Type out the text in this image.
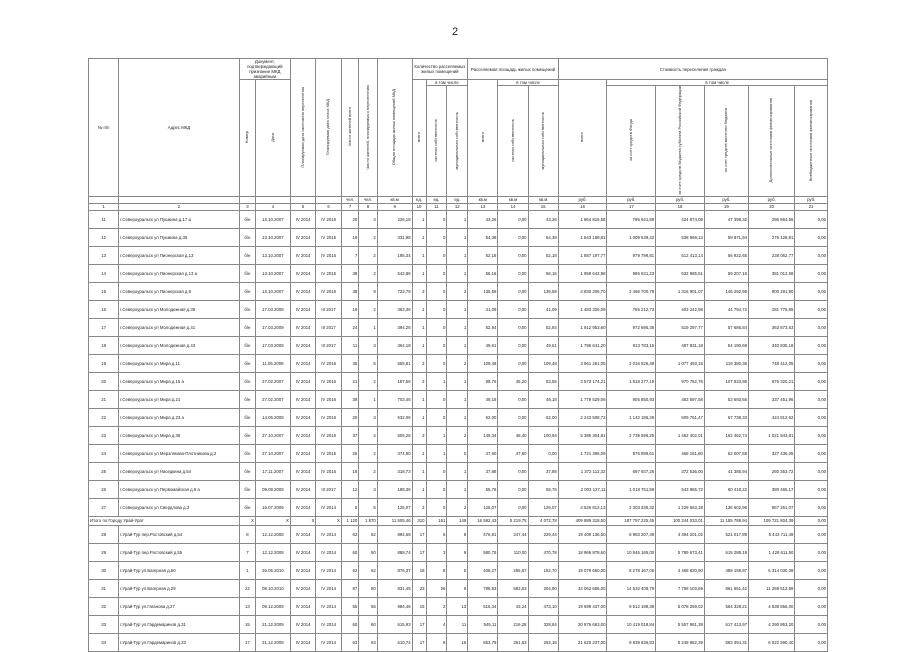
2
№ п/п	Адрес МКД	Документ, подтверждающий признание МКД аварийным		Планируемая дата окончания переселения	Планируемая дата сноса МКД	Число жителей всего	Число жителей, планируемых к переселению	Общая площадь жилых помещений МКД	Количество расселяемых жилых помещений			Расселяемая площадь жилых помещений			Стоимость переселения граждан					
		Номер	Дата						всего	в том числе		всего	в том числе		всего	в том числе				
										частная собственность	муниципальная собственность		частная собственность	муниципальная собственность		за счет средств Фонда	за счет средств бюджета субъекта Российской Федерации	за счет средств местного бюджета	Дополнительные источники финансирования	Внебюджетные источники финансирования
						чел.	чел.	кв.м	ед.	ед.	ед.	кв.м	кв.м	кв.м	руб.	руб.	руб.	руб.	руб.	руб.
1	2	3	4	5	6	7	8	9	10	11	12	13	14	15	16	17	18	19	20	21
11	г.Североуральск ул Пушкина д.17 а	б/н	13.10.2007	IV 2014	IV 2015	20	3	226,18	1	0	1	43,26	0,00	43,26	1 864 816,58	795 641,89	424 874,09	47 398,32	296 864,56	0,00
12	г.Североуральск ул Пушкина д.35	б/н	13.10.2007	IV 2014	IV 2015	19	2	331,98	1	0	1	54,38	0,00	54,38	1 843 198,81	1 009 539,42	538 969,13	59 871,94	276 128,81	0,00
13	г.Североуральск ул Пионерская д.13	б/н	13.10.2007	IV 2014	IV 2015	7	2	195,34	1	0	1	52,18	0,00	52,18	1 887 197,77	979 799,81	512 413,14	56 922,65	238 062,77	0,00
14	г.Североуральск ул Пионерская д.13 а	б/н	13.10.2007	IV 2014	IV 2015	38	2	542,86	1	0	1	56,16	0,00	56,16	1 959 642,98	986 631,23	532 985,51	59 207,16	381 012,58	0,00
15	г.Североуральск ул Пионерская д.8	б/н	13.10.2007	IV 2014	IV 2015	38	9	723,79	3	0	3	135,59	0,00	135,59	4 830 206,70	2 466 700,78	1 316 901,07	146 292,95	900 281,90	0,00
16	г.Североуральск ул Молодежная д.39	б/н	17.03.2009	IV 2014	III 2017	19	2	363,36	1	0	1	41,09	0,00	41,09	1 483 326,09	755 212,73	403 242,98	44 794,72	281 775,65	0,00
17	г.Североуральск ул Молодежная д.41	б/н	17.03.2009	IV 2014	III 2017	24	1	394,26	1	0	1	52,84	0,00	52,84	1 912 953,60	972 695,36	519 297,77	57 686,84	363 873,63	0,00
18	г.Североуральск ул Молодежная д.43	б/н	17.03.2009	IV 2014	III 2017	11	3	364,18	1	0	1	49,61	0,00	49,61	1 796 641,20	913 783,15	487 831,18	54 190,69	340 835,18	0,00
19	г.Североуральск ул Мира д.11	б/н	11.05.2008	IV 2014	IV 2016	35	6	555,81	2	0	2	109,48	0,00	109,48	3 961 261,05	2 016 526,48	1 077 493,15	119 380,36	748 412,05	0,00
20	г.Североуральск ул Мира д.15 а	б/н	27.02.2007	IV 2014	IV 2016	21	2	187,56	2	1	1	98,76	45,20	53,56	3 573 174,21	1 818 277,19	970 752,76	107 833,95	676 320,21	0,00
21	г.Североуральск ул Мира д.21	б/н	27.02.2007	IV 2014	IV 2016	39	1	703,46	1	0	1	49,18	0,00	49,18	1 779 529,06	905 850,93	483 597,58	53 693,56	337 451,96	0,00
22	г.Североуральск ул Мира д.23 а	б/н	14.05.2008	IV 2014	IV 2016	20	3	632,06	1	0	1	62,00	0,00	62,00	2 243 508,72	1 142 196,29	609 761,47	67 738,33	424 812,62	0,00
23	г.Североуральск ул Мира д.35	б/н	27.10.2007	IV 2014	IV 2015	37	4	505,26	3	1	2	149,34	48,40	100,94	5 386 304,81	2 739 596,25	1 462 402,01	162 462,74	1 021 843,81	0,00
24	г.Североуральск ул Мерзлякова-Плотникова д.2	б/н	27.10.2007	IV 2014	IV 2015	26	2	374,90	1	1	0	47,60	47,60	0,00	1 721 396,09	876 899,61	468 151,80	52 007,58	327 436,05	0,00
25	г.Североуральск ул Наседкина д.54	б/н	17.11.2007	IV 2014	IV 2015	18	2	318,73	1	0	1	37,88	0,00	37,88	1 372 112,32	697 937,26	372 536,00	41 385,94	260 353,72	0,00
26	г.Североуральск ул Первомайская д.9 а	б/н	09.09.2009	IV 2014	III 2017	12	3	188,36	1	0	1	55,76	0,00	55,76	2 003 127,11	1 018 751,59	543 865,72	60 418,22	380 465,17	0,00
27	г.Североуральск ул Свердлова д.3	б/н	16.07.2009	IV 2014	IV 2014	5	6	125,07	2	0	2	125,07	0,00	125,07	4 526 812,13	2 303 335,32	1 229 663,18	136 602,96	857 261,07	0,00
Итого по Городу Урай-Урат		X	X	X	X	1 120	1 870	11 505,46	310	161	149	16 592,43	5 219,75	4 072,78	409 889 318,50	187 797 225,45	100 244 033,01	11 155 788,94	109 721 804,39	0,00
28	г.Урай-Тур пер.Ростовский д.54	8	12.12.2008	IV 2014	IV 2014	62	62	894,68	17	6	8	476,81	247,44	229,44	19 409 136,50	8 983 207,49	4 494 201,02	521 017,89	5 443 711,49	0,00
29	г.Урай-Тур пер.Ростовский д.55	7	12.12.2008	IV 2014	IV 2014	60	50	888,74	17	3	9	580,78	110,00	470,78	18 966 878,60	10 846 165,00	5 789 673,41	615 288,19	1 428 611,50	0,00
30	г.Урай-Тур ул.Багерная д.60	1	26.05.2010	IV 2014	IV 2014	62	62	876,37	18	8	5	408,27	255,57	152,70	19 079 660,00	8 278 167,06	4 468 820,90	489 159,97	5 314 030,39	0,00
31	г.Урай-Тур ул.Багерная д.29	22	08.10.2010	IV 2014	IV 2014	87	80	831,45	23	26	6	788,53	583,63	204,90	34 062 656,00	14 532 408,79	7 758 103,69	861 661,42	11 269 512,59	0,00
32	г.Урай-Тур ул.Гаганова д.27	13	09.12.2009	IV 2014	IV 2014	55	55	984,46	15	2	13	516,34	43,24	473,10	19 699 437,00	9 512 198,38	5 078 259,02	564 328,21	4 538 856,00	0,00
33	г.Урай-Тур ул.Гардемаринов д.31	15	21.12.2009	IV 2014	IV 2014	60	60	615,93	17	4	11	545,11	216,28	328,84	20 876 663,00	10 419 018,84	5 557 961,39	617 413,97	4 290 953,20	0,00
34	г.Урай-Тур ул.Гардемаринов д.33	17	21.12.2009	IV 2014	IV 2014	63	63	610,74	17	9	16	553,79	261,63	292,16	21 620 237,00	9 839 636,83	5 249 952,39	583 354,31	6 022 590,40	0,00
